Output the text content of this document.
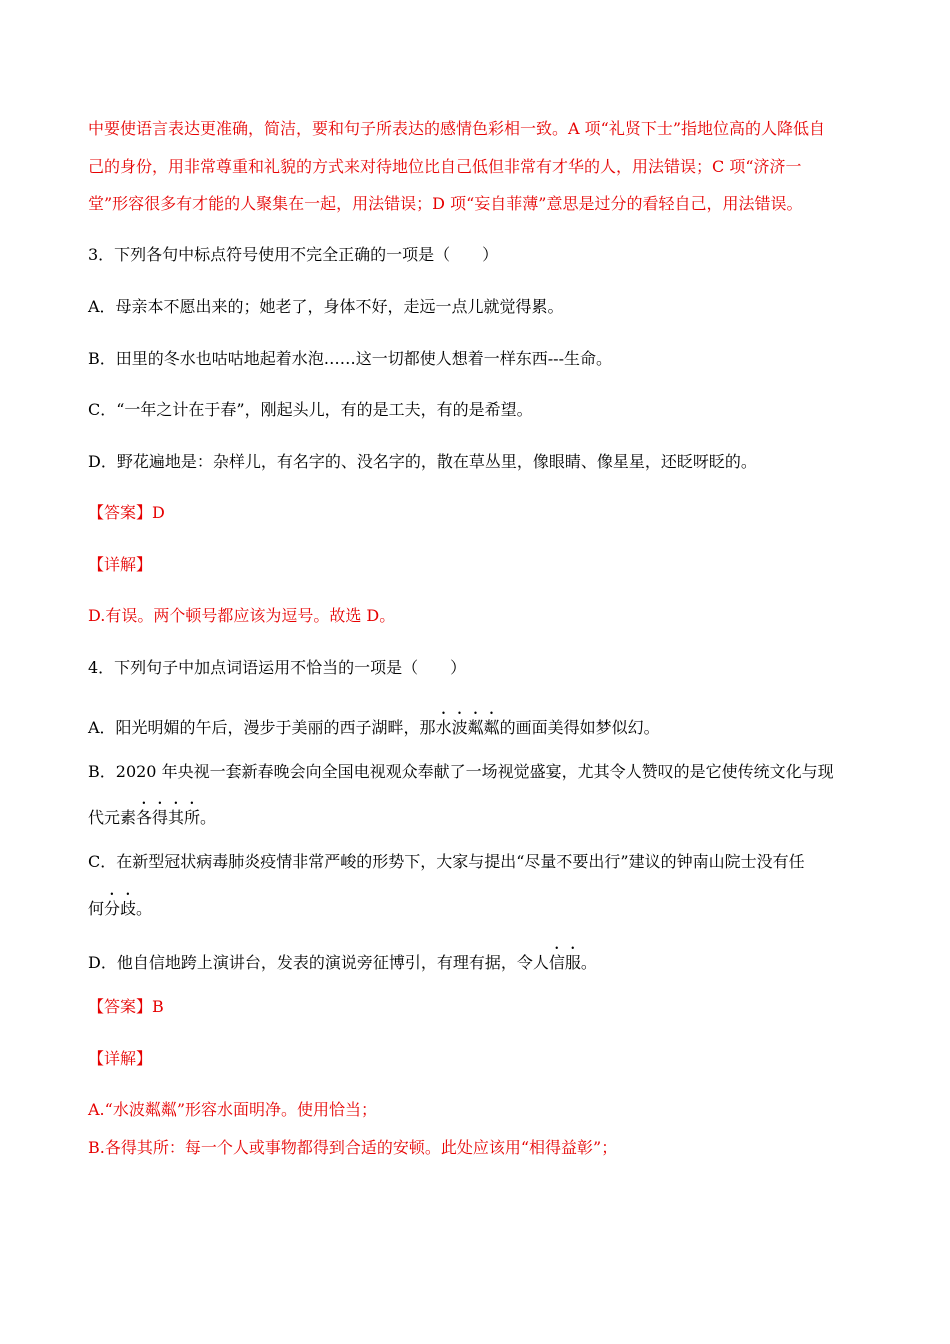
中要使语言表达更准确，简洁，要和句子所表达的感情色彩相一致。A 项“礼贤下士”指地位高的人降低自
己的身份，用非常尊重和礼貌的方式来对待地位比自己低但非常有才华的人，用法错误；C 项“济济一
堂”形容很多有才能的人聚集在一起，用法错误；D 项“妄自菲薄”意思是过分的看轻自己，用法错误。
3．下列各句中标点符号使用不完全正确的一项是（　　）
A．母亲本不愿出来的；她老了，身体不好，走远一点儿就觉得累。
B．田里的冬水也咕咕地起着水泡……这一切都使人想着一样东西---生命。
C．“一年之计在于春”，刚起头儿，有的是工夫，有的是希望。
D．野花遍地是：杂样儿，有名字的、没名字的，散在草丛里，像眼睛、像星星，还眨呀眨的。
【答案】D
【详解】
D.有误。两个顿号都应该为逗号。故选 D。
4．下列句子中加点词语运用不恰当的一项是（　　）
A．阳光明媚的午后，漫步于美丽的西子湖畔，那水波粼粼的画面美得如梦似幻。
B．2020 年央视一套新春晚会向全国电视观众奉献了一场视觉盛宴，尤其令人赞叹的是它使传统文化与现
代元素各得其所。
C．在新型冠状病毒肺炎疫情非常严峻的形势下，大家与提出“尽量不要出行”建议的钟南山院士没有任
何分歧。
D．他自信地跨上演讲台，发表的演说旁征博引，有理有据，令人信服。
【答案】B
【详解】
A.“水波粼粼”形容水面明净。使用恰当；
B.各得其所：每一个人或事物都得到合适的安顿。此处应该用“相得益彰”；
